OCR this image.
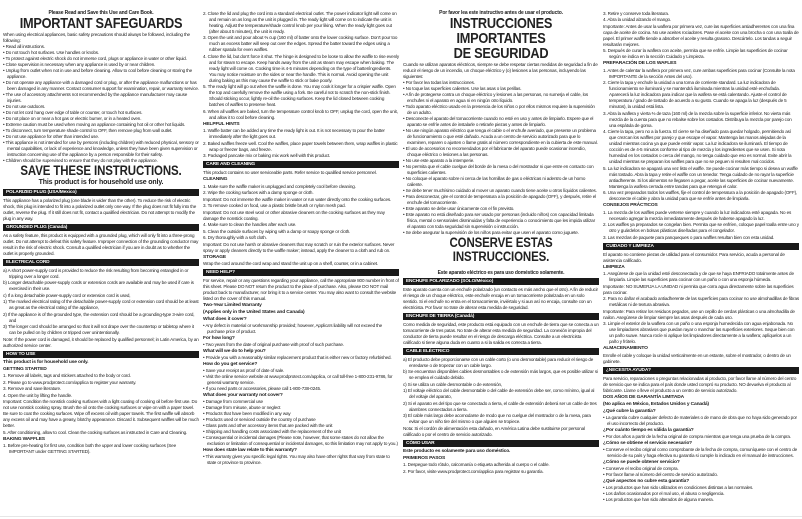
Please Read and Save this Use and Care Book.
IMPORTANT SAFEGUARDS
When using electrical appliances, basic safety precautions should always be followed, including the following:
• Read all instructions.
• Do not touch hot surfaces. Use handles or knobs.
• To protect against electric shock do not immerse cord, plugs or appliance in water or other liquid.
• Close supervision is necessary when any appliance is used by or near children.
• Unplug from outlet when not in use and before cleaning. Allow to cool before cleaning or storing the appliance.
• Do not operate any appliance with a damaged cord or plug, or after the appliance malfunctions or has been damaged in any manner. Contact consumer support for examination, repair, or warranty service.
• The use of accessory attachments not recommended by the appliance manufacturer may cause injuries.
• Do not use outdoors.
• Do not let cord hang over edge of table or counter, or touch hot surfaces.
• Do not place on or near a hot gas or electric burner, or in a heated oven.
• Extreme caution must be used when moving an appliance containing hot oil or other hot liquids.
• To disconnect, turn temperature shade control to OFF, then remove plug from wall outlet.
• Do not use appliance for other than intended use.
• This appliance is not intended for use by persons (including children) with reduced physical, sensory or mental capabilities, or lack of experience and knowledge, unless they have been given supervision or instruction concerning use of the appliance by a person responsible for their safety.
• Children should be supervised to ensure that they do not play with the appliance.
SAVE THESE INSTRUCTIONS.
This product is for household use only.
POLARIZED PLUG (USA/Mexico)
This appliance has a polarized plug (one blade is wider than the other). To reduce the risk of electric shock, this plug is intended to fit into a polarized outlet only one way. If the plug does not fit fully into the outlet, reverse the plug. If it still does not fit, contact a qualified electrician. Do not attempt to modify the plug in any way.
GROUNDED PLUG (Canada)
As a safety feature, this product is equipped with a grounded plug, which will only fit into a three-prong outlet. Do not attempt to defeat this safety feature. Improper connection of the grounding conductor may result in the risk of electric shock. Consult a qualified electrician if you are in doubt as to whether the outlet is properly grounded.
ELECTRICAL CORD
a) A short power-supply cord is provided to reduce the risk resulting from becoming entangled in or tripping over a longer cord.
b) Longer detachable power-supply cords or extension cords are available and may be used if care is exercised in their use.
c) If a long detachable power-supply cord or extension cord is used,
1) The marked electrical rating of the detachable power-supply cord or extension cord should be at least as great as the electrical rating of the appliance,
2) If the appliance is of the grounded type, the extension cord should be a grounding-type 3-wire cord, and
3) The longer cord should be arranged so that it will not drape over the countertop or tabletop where it can be pulled on by children or tripped over unintentionally.
Note: If the power cord is damaged, it should be replaced by qualified personnel; in Latin America, by an authorized service center.
HOW TO USE
This product is for household use only.
GETTING STARTED
1. Remove all labels, tags and stickers attached to the body or cord.
2. Please go to www.prodprotect.com/applica to register your warranty.
3. Remove and save literature.
4. Open the unit by lifting the handle.
Important: Condition the nonstick cooking surfaces with a light coating of cooking oil before first use. Do not use nonstick cooking spray. Brush the oil onto the cooking surfaces or wipe on with a paper towel. Be sure to coat the cooking surfaces. Wipe off excess oil with paper towels. The first waffle will absorb any excess oil and may have a greasy, blotchy appearance. Discard it. Subsequent waffles will be much better.
5. After conditioning, allow to cool. Clean the cooking surfaces as instructed in Care and Cleaning.
BAKING WAFFLES
1. Before pre-heating for first use, condition both the upper and lower cooking surfaces (See IMPORTANT under GETTING STARTED).
2. Close the lid and plug the cord into a standard electrical outlet. The power indicator light will come on and remain on as long as the unit is plugged in. The ready light will come on to indicate the unit is heating. Adjust the temperature/shade control knob per your liking. When the ready light goes out (after about 5 minutes), the unit is ready.
3. Open the unit and pour about ⅔ cup (160 ml) of batter onto the lower cooking surface. Don't pour too much as excess batter will seep out over the edges. Spread the batter toward the edges using a rubber spatula for even waffles.
4. Close the lid, but don't force it shut. The hinge is designed to be loose to allow the waffle to rise evenly and for steam to escape. Keep hands away from the unit as steam may escape when baking. The ready light will come on. Cooking time is 4-5 minutes depending on the type of batter/ingredients. You may notice moisture on the sides or near the handle. This is normal. Avoid opening the unit during baking as this may cause the waffle to stick or bake poorly.
5. The ready light will go out when the waffle is done. You may cook it longer for a crispier waffle. Open the top and carefully remove the waffle using a fork. Be careful not to scratch the non-stick finish. Should sticking occur, lightly re-oil the cooking surfaces. Keep the lid closed between cooking batches of waffles to preserve heat.
6. When all waffles are baked, turn the temperature control knob to OFF, unplug the cord, open the unit, and allow it to cool before cleaning.
HELPFUL HINTS
1. Waffle batter can be added any time the ready light is out. It is not necessary to pour the batter immediately after the light goes out.
2. Baked waffles freeze well. Cool the waffles, place paper towels between them, wrap waffles in plastic wrap or freezer bags, and freeze.
3. Packaged pancake mix or baking mix work well with this product.
CARE AND CLEANING
This product contains no user serviceable parts. Refer service to qualified service personnel.
CLEANING
1. Make sure the waffle maker is unplugged and completely cool before cleaning.
2. Wipe the cooking surfaces with a damp sponge or cloth.
Important: Do not immerse the waffle maker in water or run water directly onto the cooking surfaces.
3. To remove cooked on food, use a plastic bristle brush or nylon mesh pad.
Important: Do not use steel wool or other abrasive cleaners on the cooking surfaces as they may damage the nonstick coating.
4. Make sure to clean the handles after each use.
5. Clean the outside surfaces by wiping with a damp or soapy sponge or cloth.
6. Dry thoroughly with a soft cloth.
Important: Do not use harsh or abrasive cleaners that may scratch or ruin the exterior surfaces. Never spray or apply cleaners directly to the waffle maker; instead, apply the cleaner to a cloth and rub on.
STORAGE
Wrap the cord around the cord wrap and stand the unit up on a shelf, counter, or in a cabinet.
NEED HELP?
For service, repair or any questions regarding your appliance, call the appropriate 800 number in front of this sheet. Please DO NOT return the product to the place of purchase. Also, please DO NOT mail product back to manufacturer, nor bring it to a service center. You may also want to consult the website listed on the cover of this manual.
Two-Year Limited Warranty
(Applies only in the United States and Canada)
What does it cover?
• Any defect in material or workmanship provided; however, Applica's liability will not exceed the purchase price of product.
For how long?
• Two years from the date of original purchase with proof of such purchase.
What will we do to help you?
• Provide you with a reasonably similar replacement product that is either new or factory refurbished.
How do you get service?
• Save your receipt as proof of date of sale.
• Visit the online service website at www.prodprotect.com/applica, or call toll-free 1-800-231-9786, for general warranty service.
• If you need parts or accessories, please call 1-800-738-0245.
What does your warranty not cover?
• Damage from commercial use
• Damage from misuse, abuse or neglect
• Products that have been modified in any way
• Products used or serviced outside the country of purchase
• Glass parts and other accessory items that are packed with the unit
• Shipping and handling costs associated with the replacement of the unit
• Consequential or incidental damages (Please note, however, that some states do not allow the exclusion or limitation of consequential or incidental damages, so this limitation may not apply to you.)
How does state law relate to this warranty?
• This warranty gives you specific legal rights. You may also have other rights that vary from state to state or province to province.
Por favor lea este instructivo antes de usar el producto.
INSTRUCCIONES IMPORTANTES
DE SEGURIDAD
Cuando se utilizan aparatos eléctricos, siempre se debe respetar ciertas medidas de seguridad a fin de reducir el riesgo de un incendio, un choque eléctrico y (o) lesiones a las personas, incluyendo las siguientes:
• Por favor lea todas las instrucciones.
• No toque las superficies calientes. Use las asas o las perillas.
• A fin de protegerse contra un choque eléctrico y lesiones a las personas, no sumerja el cable, los enchufes ni el aparato en agua ni en ningún otro líquido.
• Todo aparato eléctrico usado en la presencia de los niños o por ellos mismos requiere la supervisión de un adulto.
• Desconecte el aparato del tomacorriente cuando no esté en uso y antes de limpiarlo. Espere que el aparato se enfríe antes de instalarle o retirarle piezas y antes de limpiarlo.
• No use ningún aparato eléctrico que tenga el cable o el enchufe averiado, que presente un problema de funcionamiento o que esté dañado. Acuda a un centro de servicio autorizado para que lo examinen, reparen o ajusten o llame gratis al número correspondiente en la cubierta de este manual.
• El uso de accesorios no recomendados por el fabricante del aparato puede ocasionar incendio, choque eléctrico o lesiones a las personas.
• No use este aparato a la intemperie.
• No permita que el cable cuelgue del borde de la mesa o del mostrador ni que entre en contacto con superficies calientes.
• No coloque el aparato sobre ni cerca de las hornillas de gas o eléctricas ni adentro de un horno caliente.
• Se debe tener muchísimo cuidado al mover un aparato cuando tiene aceite u otros líquidos calientes.
• Para desconectar, gire el control de temperatura a la posición de apagado (OFF), y después, retire el enchufe del tomacorriente.
• Este aparato se debe usar únicamente con el fin previsto.
• Este aparato no está diseñado para ser usado por personas (incluido niños) con capacidad limitada física, mental o sensoriales disminuidas y falta de experiencia o conocimiento que les impida utilizar el aparato con toda seguridad sin supervisión o instrucción.
• Se debe asegurar la supervisión de los niños para evitar que usen el aparato como juguete.
CONSERVE ESTAS INSTRUCCIONES.
Este aparato eléctrico es para uso doméstico solamente.
ENCHUFE POLARIZADO (SÓLO/México)
Este aparato cuenta con un enchufe polarizado (un contacto es más ancho que el otro). A fin de reducir el riesgo de un choque eléctrico, este enchufe encaja en un tomacorriente polarizada en un solo sentido. Si el enchufe no entra en el tomacorriente, inviértalo y si aun así no encaja, consulte con un electricista. Por favor no trate de alterar esta medida de seguridad.
ENCHUFE DE TIERRA (Canadá)
Como medida de seguridad, este producto está equipado con un enchufe de tierra que se conecta a un tomacorriente de tres patas. No trate de alterar esta medida de seguridad. La conexión impropia del conductor de tierra puede resultar en el riesgo de descarga eléctrica. Consulte a un electricista calificado si tiene alguna duda en cuanto a si la salida es correcta a tierra.
CABLE ELÉCTRICO
a) El producto debe proporcionarse con un cable corto (o uno desmontable) para reducir el riesgo de enredarse o de tropezar con un cable largo.
b) Se encuentran disponibles cables desmontables o de extensión más largos, que es posible utilizar si se emplea el cuidado debido.
c) Si se utiliza un cable desmontable o de extensión,
1) El voltaje eléctrico del cable desmontable o del cable de extensión debe ser, como mínimo, igual al del voltaje del aparato,
2) Si el aparato es del tipo que se conectado a tierra, el cable de extensión deberá ser un cable de tres alambres connectados a tierra.
3) El cable más largo debe acomodarse de modo que no cuelgue del mostrador o de la mesa, para evitar que un niño tire del mismo o que alguien se tropiece.
Nota: Si el cordón de alimentación esta dañado, en América Latina debe sustituirse por personal calificado o por el centro de servicio autorizado.
CÓMO USAR
Este producto es solamente para uso doméstico.
PRIMEROS PASOS
1. Despegue todo rótulo, calcomanía o etiqueta adherida al cuerpo o el cable.
2. Por favor, visite www.prodprotect.com/applica para registrar su garantía.
3. Retire y conserve toda literatura.
4. Abra la unidad alzando el mango.
Importante: Antes de usar la waflera por primera vez, cure las superficies antiadherentes con una fina capa de aceite de cocina. No use aceites rociadores. Pase el aceite con una brocha o con una toalla de papel. El primer waffle tiende a absorber el aceite y resulta grasoso. Descártelo. Los tandas a seguir resultarán mejores.
5. Después de curar la waflera con aceite, permita que se enfríe. Limpie las superficies de cocinar según se indica en la sección Cuidado y Limpieza.
PREPARACIÓN DE LOS WAFLES
1. Antes de calentar la waflera por primera vez, cure ambas superficies para cocinar (Consulte la nota IMPORTANTE de la sección Antes del uso).
2. Cierre la tapa y enchufe la unidad a una toma de corriente standard. La luz indicadora de funcionamiento se iluminará y se mantendrá iluminada mientras la unidad esté enchufada. Aparecerá la luz indicadora para indicar que la waflera se está calentando. Ajuste el control de temperatura / grado de tostado de acuerdo a su gusto. Cuando se apaga la luz (después de 5 minutos), la unidad está lista.
3. Abra la waflera y vierta ⅔ de taza (160 ml) de la mezcla sobre la superficie inferior. No vierta más mezcla de la cuenta para que no rebalse sobre los costados. Distribuya la mezcla por parejo con una espátula de goma.
4. Cierre la tapa, pero no a la fuerza. El cierre se ha diseñado para quedar holgado, permitiendo así que crezcan los waffles por parejo y que escape el vapor. Mantenga las manos alejadas de la unidad mientras cocina ya que puede emitir vapor. La luz indicadora se iluminará. El tiempo de cocción es de 4-5 minutos conforme al tipo de mezcla y los ingredientes que se usen. Si nota humedad en los costados o cerca del mango, no tenga cuidado que eso es normal. Evite abrir la unidad mientras se preparan los waffles para que no se peguen ni resulten mal cocidos.
5. La luz indicadora se apagará una vez listo el waffle. Se puede cocinar más tiempo si desea un waffle más tostado. Abra la tapa y retire el waffle con un tenedor. Tenga cuidado de no rayar la superficie antiadherente. Si los alimentos se llegasen a pegar, aceite las superficies de cocinar nuevamente. Mantenga la waflera cerrada entre tandas para que retenga el calor.
6. Una vez preparados todos los waffles, fije el control de temperatura a la posición de apagado (OFF), desconecte el cable y abra la unidad para que se enfríe antes de limpiarla.
CONSEJOS PRÁCTICOS
1. La mezcla de los waffles puede verterse siempre y cuando la luz indicadora esté apagada. No es necesario agregar la mezcla inmediatamente después de haberse apagado la luz.
2. Los waffles ya preparados se congelan bien. Permita que se enfríen, coloque papel toalla entre uno y otro y guárdelos en bolsas plásticas diseñadas para el congelador.
3. Las mezclas de paquete para panqueques o para waffles resultan bien con esta unidad.
CUIDADO Y LIMPIEZA
El aparato no contiene piezas de utilidad para el consumidor. Para servicio, acuda a personal de asistencia calificado.
LIMPIEZA
1. Asegúrese de que la unidad esté desconectada y de que se haya ENFRIADO totalmente antes de limpiarla. Limpie las superficies para cocinar con un paño o con una esponja húmeda.
Importante: NO SUMERJA LA UNIDAD ni permita que corra agua directamente sobre las superficies para cocinar.
2. Para no dañar el acabado antiadherente de las superficies para cocinar no use almohadillas de fibras metálicas ni de textura abrasiva.
Importante: Para retirar los residuos pegados, use un cepillo de cerdas plásticas o una almohadilla de nailon. Asegúrese de limpiar siempre las asas después de cada uso.
3. Limpie el exterior de la waflera con un paño o una esponja humedecida con agua enjabonada. No use limpiadores abrasivos que puedan rayar o manchar las superficies exteriores. Seque bien con un paño suave. Nunca rocíe ni aplique los limpiadores directamente a la waflera; aplíquelos a un paño y frótelo.
ALMACENAMIENTO
Enrolle el cable y coloque la unidad verticalmente en un estante, sobre el mostrador, o dentro de un gabinete.
¿NECESITA AYUDA?
Para servicio, reparaciones o preguntas relacionadas al producto, por favor llame al número del centro de servicio que se indica para el país donde usted compró su producto. NO devuelva el producto al fabricante. Llame o lleve el producto a un centro de servicio autorizado.
DOS AÑOS DE GARANTÍA LIMITADA
(No aplica en México, Estados Unidos y Canadá)
¿Qué cubre la garantía?
• La garantía cubre cualquier defecto de materiales o de mano de obra que no haya sido generado por el uso incorrecto del producto.
¿Por cuánto tiempo es válida la garantía?
• Por dos años a partir de la fecha original de compra mientras que tenga una prueba de la compra.
¿Cómo se obtiene el servicio necesario?
• Conserve el recibo original como comprobante de la fecha de compra, comuníquese con el centro de servicio de su país y haga efectiva su garantía si cumple lo indicado en el manual de instrucciones.
¿Cómo se puede obtener servicio?
• Conserve el recibo original de compra.
• Por favor llame al número del centro de servicio autorizado.
¿Qué aspectos no cubre esta garantía?
• Los productos que han sido utilizados en condiciones distintas a las normales.
• Los daños ocasionados por el mal uso, el abuso o negligencia.
• Los productos que han sido alterados de alguna manera.
